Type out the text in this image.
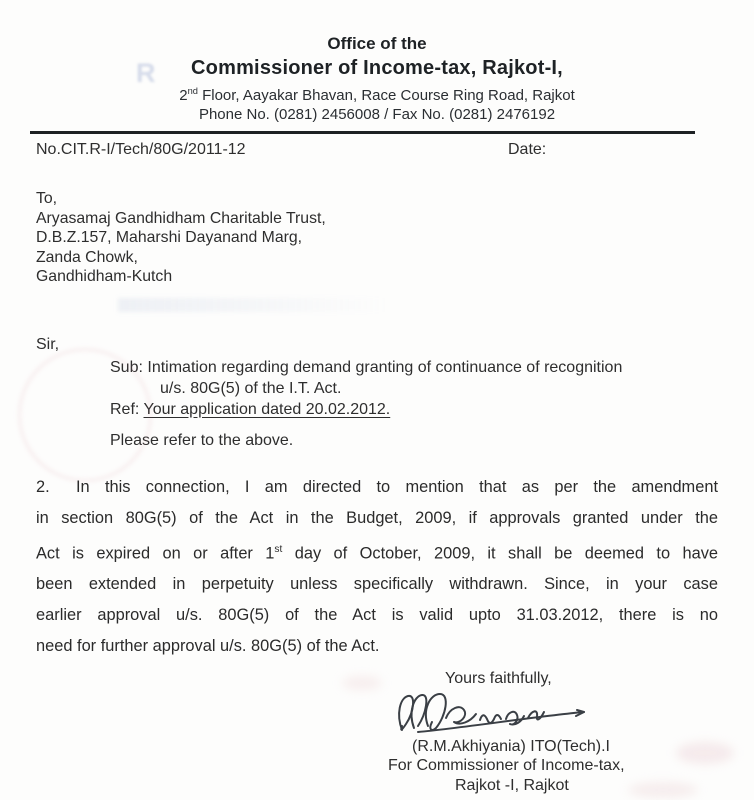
R
Office of the
Commissioner of Income-tax, Rajkot-I,
2nd Floor, Aayakar Bhavan, Race Course Ring Road, Rajkot
Phone No. (0281) 2456008 / Fax No. (0281) 2476192
No.CIT.R-I/Tech/80G/2011-12	Date:
To,
Aryasamaj Gandhidham Charitable Trust,
D.B.Z.157, Maharshi Dayanand Marg,
Zanda Chowk,
Gandhidham-Kutch
Sir,
Sub: Intimation regarding demand granting of continuance of recognition
u/s. 80G(5) of the I.T. Act.
Ref: Your application dated 20.02.2012.
Please refer to the above.
2. In this connection, I am directed to mention that as per the amendment
in section 80G(5) of the Act in the Budget, 2009, if approvals granted under the
Act is expired on or after 1st day of October, 2009, it shall be deemed to have
been extended in perpetuity unless specifically withdrawn. Since, in your case
earlier approval u/s. 80G(5) of the Act is valid upto 31.03.2012, there is no
need for further approval u/s. 80G(5) of the Act.
Yours faithfully,
(R.M.Akhiyania) ITO(Tech).I
For Commissioner of Income-tax,
Rajkot -I, Rajkot
